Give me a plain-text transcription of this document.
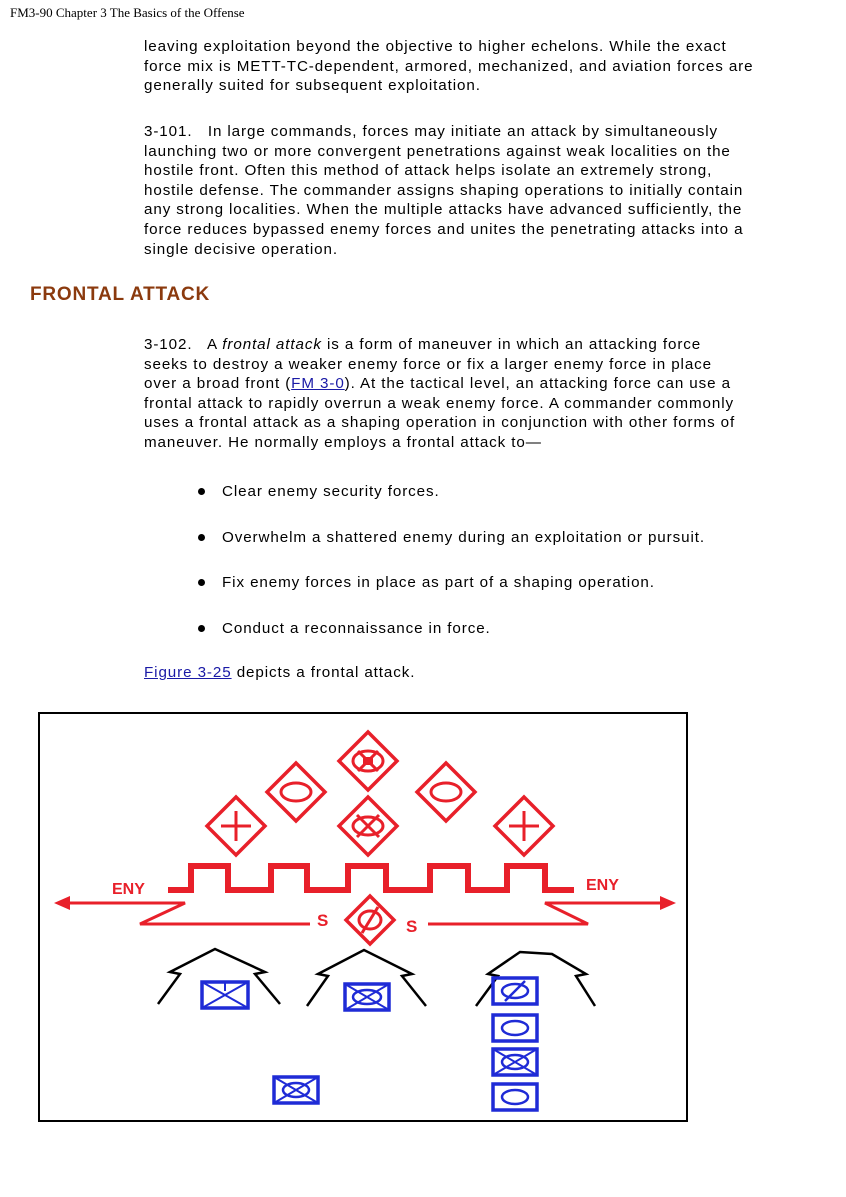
FM3-90 Chapter 3 The Basics of the Offense
leaving exploitation beyond the objective to higher echelons. While the exact
force mix is METT-TC-dependent, armored, mechanized, and aviation forces are
generally suited for subsequent exploitation.
3-101.   In large commands, forces may initiate an attack by simultaneously
launching two or more convergent penetrations against weak localities on the
hostile front. Often this method of attack helps isolate an extremely strong,
hostile defense. The commander assigns shaping operations to initially contain
any strong localities. When the multiple attacks have advanced sufficiently, the
force reduces bypassed enemy forces and unites the penetrating attacks into a
single decisive operation.
FRONTAL ATTACK
3-102.   A frontal attack is a form of maneuver in which an attacking force
seeks to destroy a weaker enemy force or fix a larger enemy force in place
over a broad front (FM 3-0). At the tactical level, an attacking force can use a
frontal attack to rapidly overrun a weak enemy force. A commander commonly
uses a frontal attack as a shaping operation in conjunction with other forms of
maneuver. He normally employs a frontal attack to—
Clear enemy security forces.
Overwhelm a shattered enemy during an exploitation or pursuit.
Fix enemy forces in place as part of a shaping operation.
Conduct a reconnaissance in force.
Figure 3-25 depicts a frontal attack.
ENY	ENY
S	S
